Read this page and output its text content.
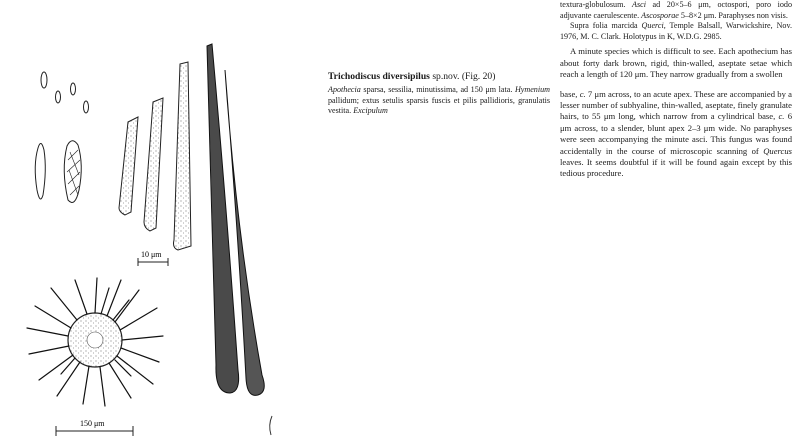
10 μm
150 μm
Trichodiscus diversipilus sp.nov. (Fig. 20)
Apothecia sparsa, sessilia, minutissima, ad 150 μm lata. Hymenium pallidum; extus setulis sparsis fuscis et pilis pallidioris, granulatis vestita. Excipulum

textura-globulosum. Asci ad 20×5–6 μm, octospori, poro iodo adjuvante caerulescente. Ascosporae 5–8×2 μm. Paraphyses non visis.

Supra folia marcida Querci, Temple Balsall, Warwickshire, Nov. 1976, M. C. Clark. Holotypus in K, W.D.G. 2985.

A minute species which is difficult to see. Each apothecium has about forty dark brown, rigid, thin-walled, aseptate setae which reach a length of 120 μm. They narrow gradually from a swollen

base, c. 7 μm across, to an acute apex. These are accompanied by a lesser number of subhyaline, thin-walled, aseptate, finely granulate hairs, to 55 μm long, which narrow from a cylindrical base, c. 6 μm across, to a slender, blunt apex 2–3 μm wide. No paraphyses were seen accompanying the minute asci. This fungus was found accidentally in the course of microscopic scanning of Quercus leaves. It seems doubtful if it will be found again except by this tedious procedure.
